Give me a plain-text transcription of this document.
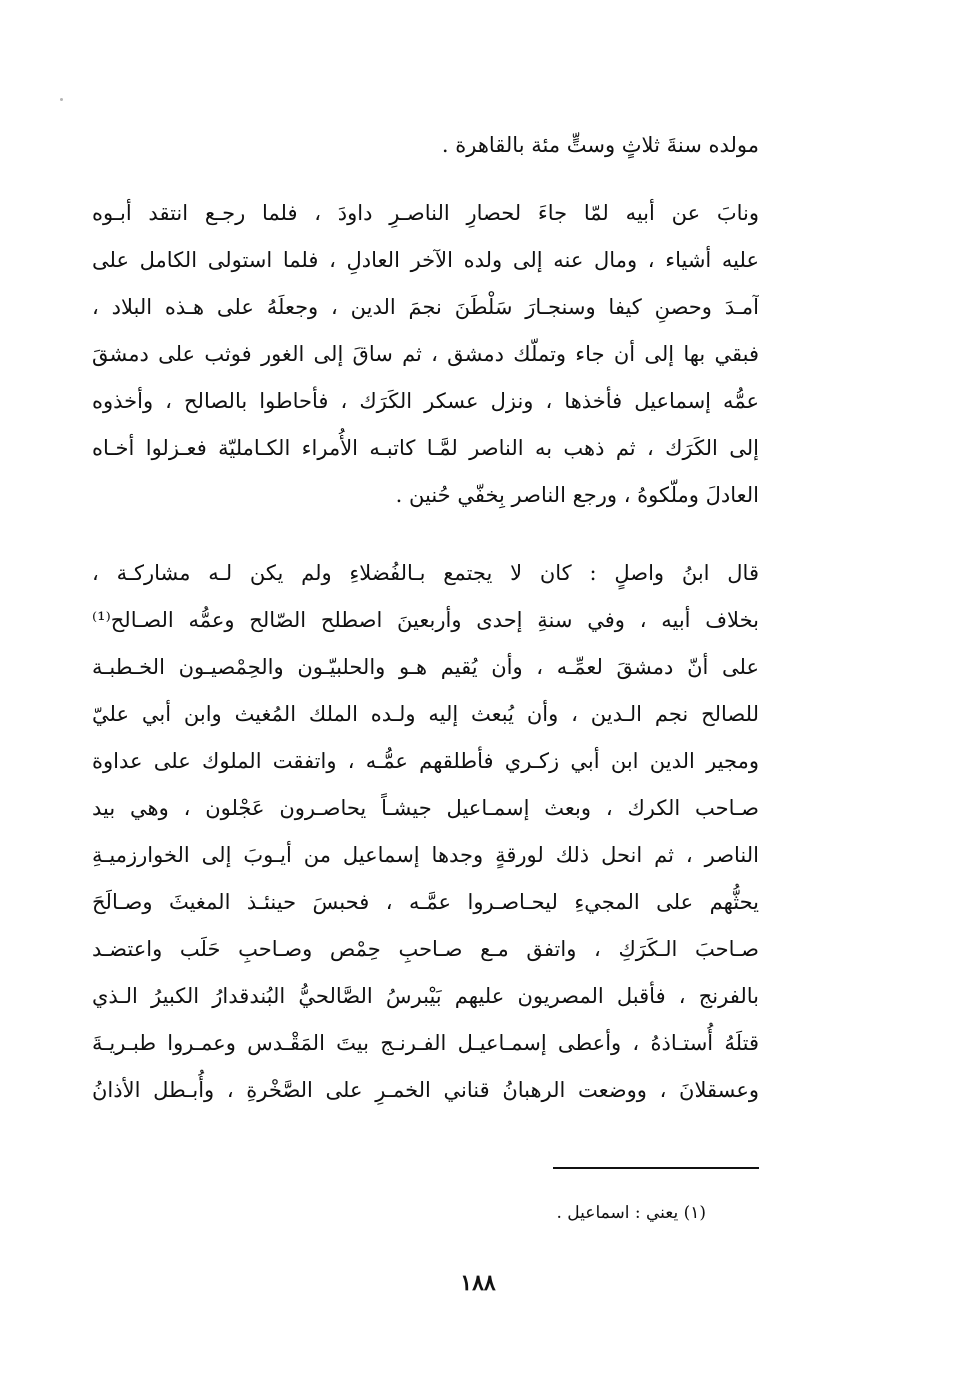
مولده سنةَ ثلاثٍ وستٍّ مئة بالقاهرة .
ونابَ عن أبيه لمّا جاءَ لحصارِ الناصـرِ داودَ ، فلما رجـع انتقد أبـوه
عليه أشياء ، ومال عنه إلى ولده الآخر العادلِ ، فلما استولى الكامل على
آمـدَ وحصنِ كيفا وسنجـارَ سَلْطَنَ نجمَ الدين ، وجعلَهُ على هـذه البلاد ،
فبقي بها إلى أن جاء وتملّك دمشق ، ثم ساقَ إلى الغور فوثب على دمشقَ
عمُّه إسماعيل فأخذها ، ونزل عسكر الكَرَك ، فأحاطوا بالصالح ، وأخذوه
إلى الكَرَك ، ثم ذهب به الناصر لمَّـا كاتبـه الأُمراء الكـامليّة فعـزلوا أخـاه
العادلَ وملّكوهُ ، ورجع الناصر بِخفّي حُنين .
قال ابنُ واصلٍ : كان لا يجتمع بـالفُضلاءِ ولم يكن لـه مشاركـة ،
بخلاف أبيه ، وفي سنةِ إحدى وأربعينَ اصطلح الصّالح وعمُّه الصـالح⁽¹⁾
على أنّ دمشقَ لعمِّـه ، وأن يُقيم هـو والحلبيّـون والحِمْصيـون الخـطبـة
للصالح نجم الـدين ، وأن يُبعث إليه ولـده الملك المُغيث وابن أبي عليّ
ومجير الدين ابن أبي زكـري فأطلقهم عمُّـه ، واتفقت الملوك على عداوة
صـاحب الكرك ، وبعث إسمـاعيل جيشـاً يحاصـرون عَجْلون ، وهي بيد
الناصر ، ثم انحل ذلك لورقةٍ وجدها إسماعيل من أيـوبَ إلى الخوارزميـةِ
يحثُّهم على المجيءِ ليحـاصـروا عمَّـه ، فحبسَ حينئـذ المغيثَ وصـالَحَ
صـاحبَ الـكَرَكِ ، واتفق مـع صـاحبِ حِمْص وصـاحبِ حَلَب واعتضـد
بالفرنج ، فأقبل المصريون عليهم بَيْبرسُ الصَّالحيُّ البُندقدارُ الكبيرُ الـذي
قتلَهُ أُستـاذهُ ، وأعطى إسمـاعيـل الفـرنـج بيتَ المَقْـدس وعمـروا طبـريـةَ
وعسقلانَ ، ووضعت الرهبانُ قناني الخمـرِ على الصَّخْرةِ ، وأُبـطل الأذانُ
(١) يعني : اسماعيل .
١٨٨
